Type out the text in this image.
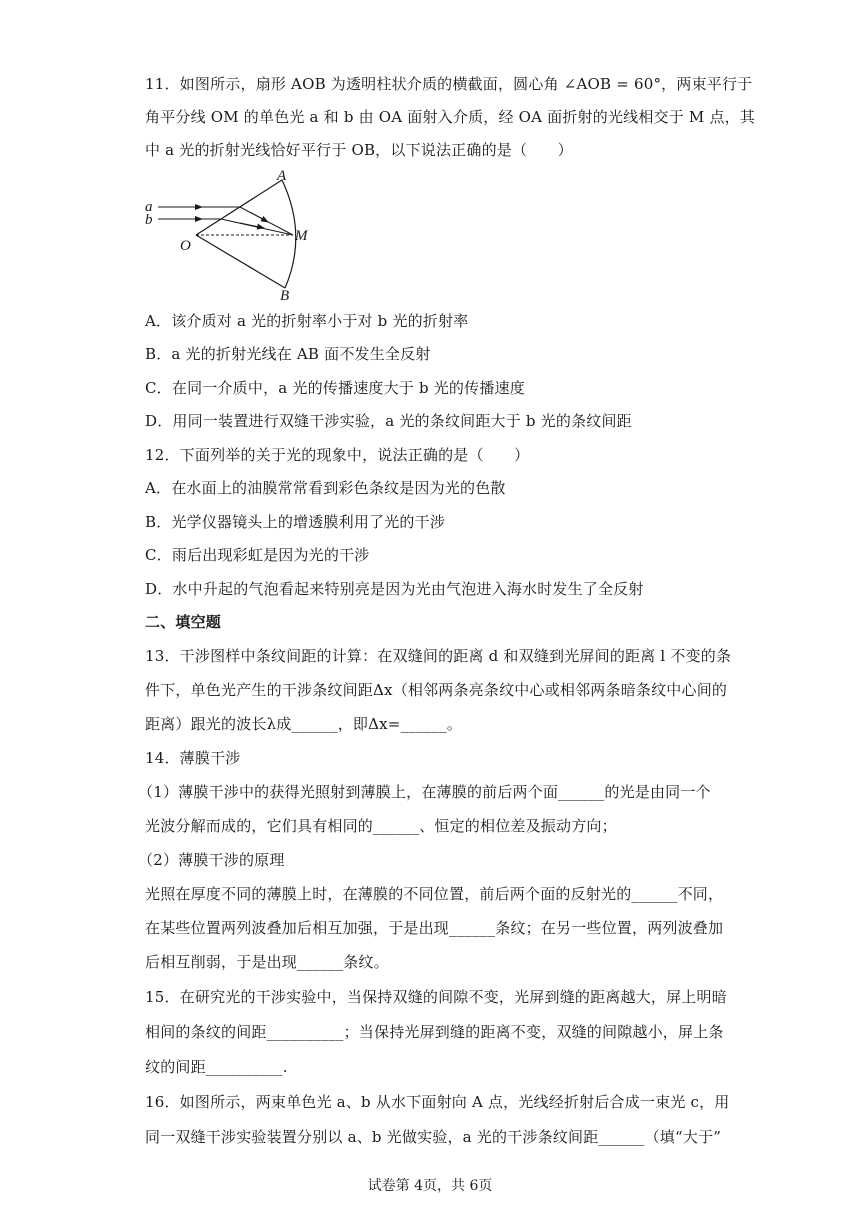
11．如图所示，扇形 AOB 为透明柱状介质的横截面，圆心角 ∠AOB = 60°，两束平行于
角平分线 OM 的单色光 a 和 b 由 OA 面射入介质，经 OA 面折射的光线相交于 M 点，其
中 a 光的折射光线恰好平行于 OB，以下说法正确的是（　　）
a
b
A
O
M
B
A．该介质对 a 光的折射率小于对 b 光的折射率
B．a 光的折射光线在 AB 面不发生全反射
C．在同一介质中，a 光的传播速度大于 b 光的传播速度
D．用同一装置进行双缝干涉实验，a 光的条纹间距大于 b 光的条纹间距
12．下面列举的关于光的现象中，说法正确的是（　　）
A．在水面上的油膜常常看到彩色条纹是因为光的色散
B．光学仪器镜头上的增透膜利用了光的干涉
C．雨后出现彩虹是因为光的干涉
D．水中升起的气泡看起来特别亮是因为光由气泡进入海水时发生了全反射
二、填空题
13．干涉图样中条纹间距的计算：在双缝间的距离 d 和双缝到光屏间的距离 l 不变的条
件下，单色光产生的干涉条纹间距Δx（相邻两条亮条纹中心或相邻两条暗条纹中心间的
距离）跟光的波长λ成______，即Δx=______。
14．薄膜干涉
（1）薄膜干涉中的获得光照射到薄膜上，在薄膜的前后两个面______的光是由同一个
光波分解而成的，它们具有相同的______、恒定的相位差及振动方向；
（2）薄膜干涉的原理
光照在厚度不同的薄膜上时，在薄膜的不同位置，前后两个面的反射光的______不同，
在某些位置两列波叠加后相互加强，于是出现______条纹；在另一些位置，两列波叠加
后相互削弱，于是出现______条纹。
15．在研究光的干涉实验中，当保持双缝的间隙不变，光屏到缝的距离越大，屏上明暗
相间的条纹的间距__________；当保持光屏到缝的距离不变，双缝的间隙越小，屏上条
纹的间距__________.
16．如图所示，两束单色光 a、b 从水下面射向 A 点，光线经折射后合成一束光 c，用
同一双缝干涉实验装置分别以 a、b 光做实验，a 光的干涉条纹间距______（填“大于”
试卷第 4页，共 6页
